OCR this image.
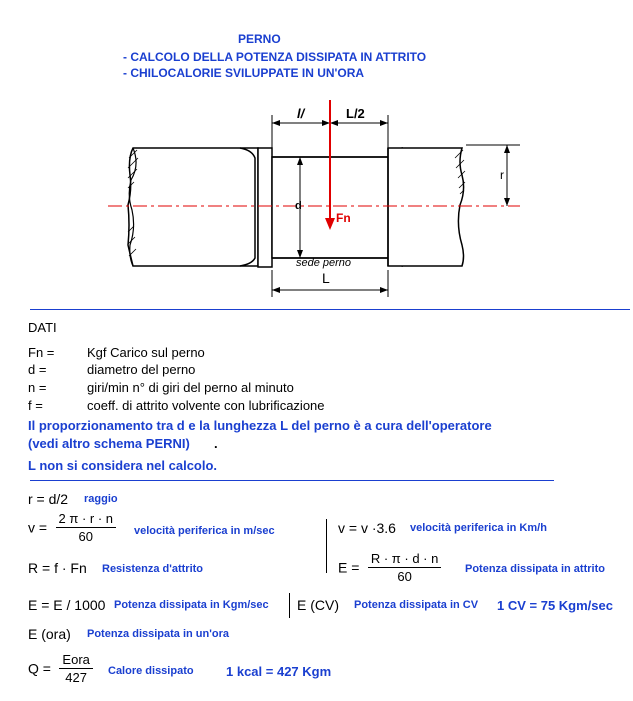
PERNO
- CALCOLO DELLA POTENZA DISSIPATA IN ATTRITO
- CHILOCALORIE SVILUPPATE IN UN'ORA
l/	L/2
r
d
Fn
sede perno
L
DATI
Fn =	Kgf Carico sul perno
d =	diametro del perno
n =	giri/min n° di giri del perno al minuto
f =	coeff. di attrito volvente con lubrificazione
Il proporzionamento tra d e la lunghezza L del perno è a cura dell'operatore
(vedi altro schema PERNI) .
L non si considera nel calcolo.
r = d/2 raggio
$v = \frac{2 \pi \cdot r \cdot n}{60}$ velocità periferica in m/sec	v = v ·3.6 velocità periferica in Km/h
R = f · Fn Resistenza d'attrito	$E = \frac{R \cdot \pi \cdot d \cdot n}{60}$ Potenza dissipata in attrito
E = E / 1000 Potenza dissipata in Kgm/sec E (CV) Potenza dissipata in CV 1 CV = 75 Kgm/sec
E (ora) Potenza dissipata in un'ora
$Q = \frac{\text{Eora}}{427}$ Calore dissipato 1 kcal = 427 Kgm
